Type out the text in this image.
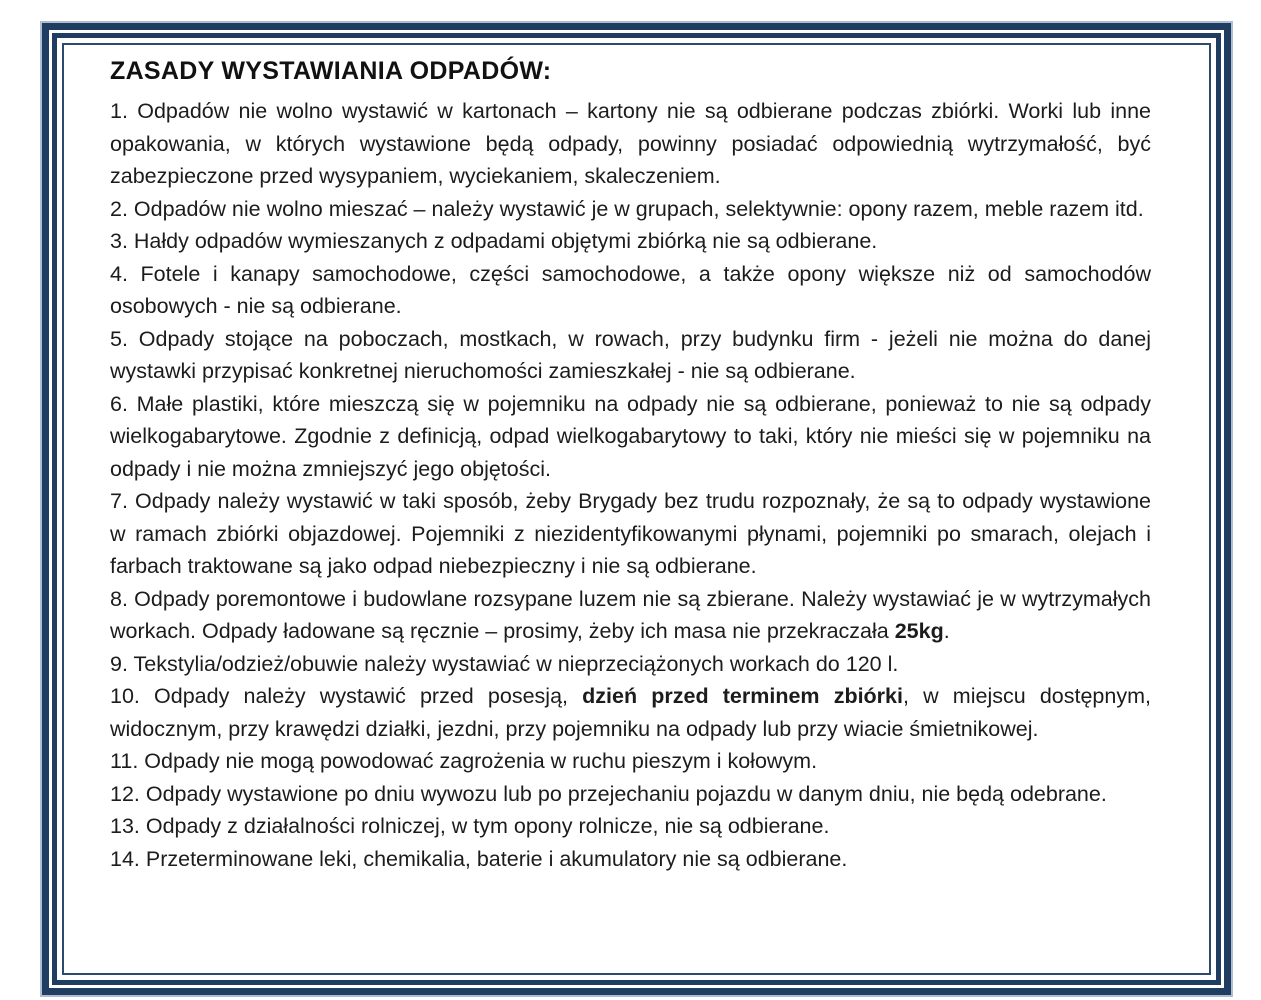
ZASADY WYSTAWIANIA ODPADÓW:

1. Odpadów nie wolno wystawić w kartonach – kartony nie są odbierane podczas zbiórki. Worki lub inne opakowania, w których wystawione będą odpady, powinny posiadać odpowiednią wytrzymałość, być zabezpieczone przed wysypaniem, wyciekaniem, skaleczeniem.

2. Odpadów nie wolno mieszać – należy wystawić je w grupach, selektywnie: opony razem, meble razem itd.

3. Hałdy odpadów wymieszanych z odpadami objętymi zbiórką nie są odbierane.

4. Fotele i kanapy samochodowe, części samochodowe, a także opony większe niż od samochodów osobowych - nie są odbierane.

5. Odpady stojące na poboczach, mostkach, w rowach, przy budynku firm - jeżeli nie można do danej wystawki przypisać konkretnej nieruchomości zamieszkałej - nie są odbierane.

6. Małe plastiki, które mieszczą się w pojemniku na odpady nie są odbierane, ponieważ to nie są odpady wielkogabarytowe. Zgodnie z definicją, odpad wielkogabarytowy to taki, który nie mieści się w pojemniku na odpady i nie można zmniejszyć jego objętości.

7. Odpady należy wystawić w taki sposób, żeby Brygady bez trudu rozpoznały, że są to odpady wystawione w ramach zbiórki objazdowej. Pojemniki z niezidentyfikowanymi płynami, pojemniki po smarach, olejach i farbach traktowane są jako odpad niebezpieczny i nie są odbierane.

8. Odpady poremontowe i budowlane rozsypane luzem nie są zbierane. Należy wystawiać je w wytrzymałych workach. Odpady ładowane są ręcznie – prosimy, żeby ich masa nie przekraczała 25kg.

9. Tekstylia/odzież/obuwie należy wystawiać w nieprzeciążonych workach do 120 l.

10. Odpady należy wystawić przed posesją, dzień przed terminem zbiórki, w miejscu dostępnym, widocznym, przy krawędzi działki, jezdni, przy pojemniku na odpady lub przy wiacie śmietnikowej.

11. Odpady nie mogą powodować zagrożenia w ruchu pieszym i kołowym.

12. Odpady wystawione po dniu wywozu lub po przejechaniu pojazdu w danym dniu, nie będą odebrane.

13. Odpady z działalności rolniczej, w tym opony rolnicze, nie są odbierane.

14. Przeterminowane leki, chemikalia, baterie i akumulatory nie są odbierane.
